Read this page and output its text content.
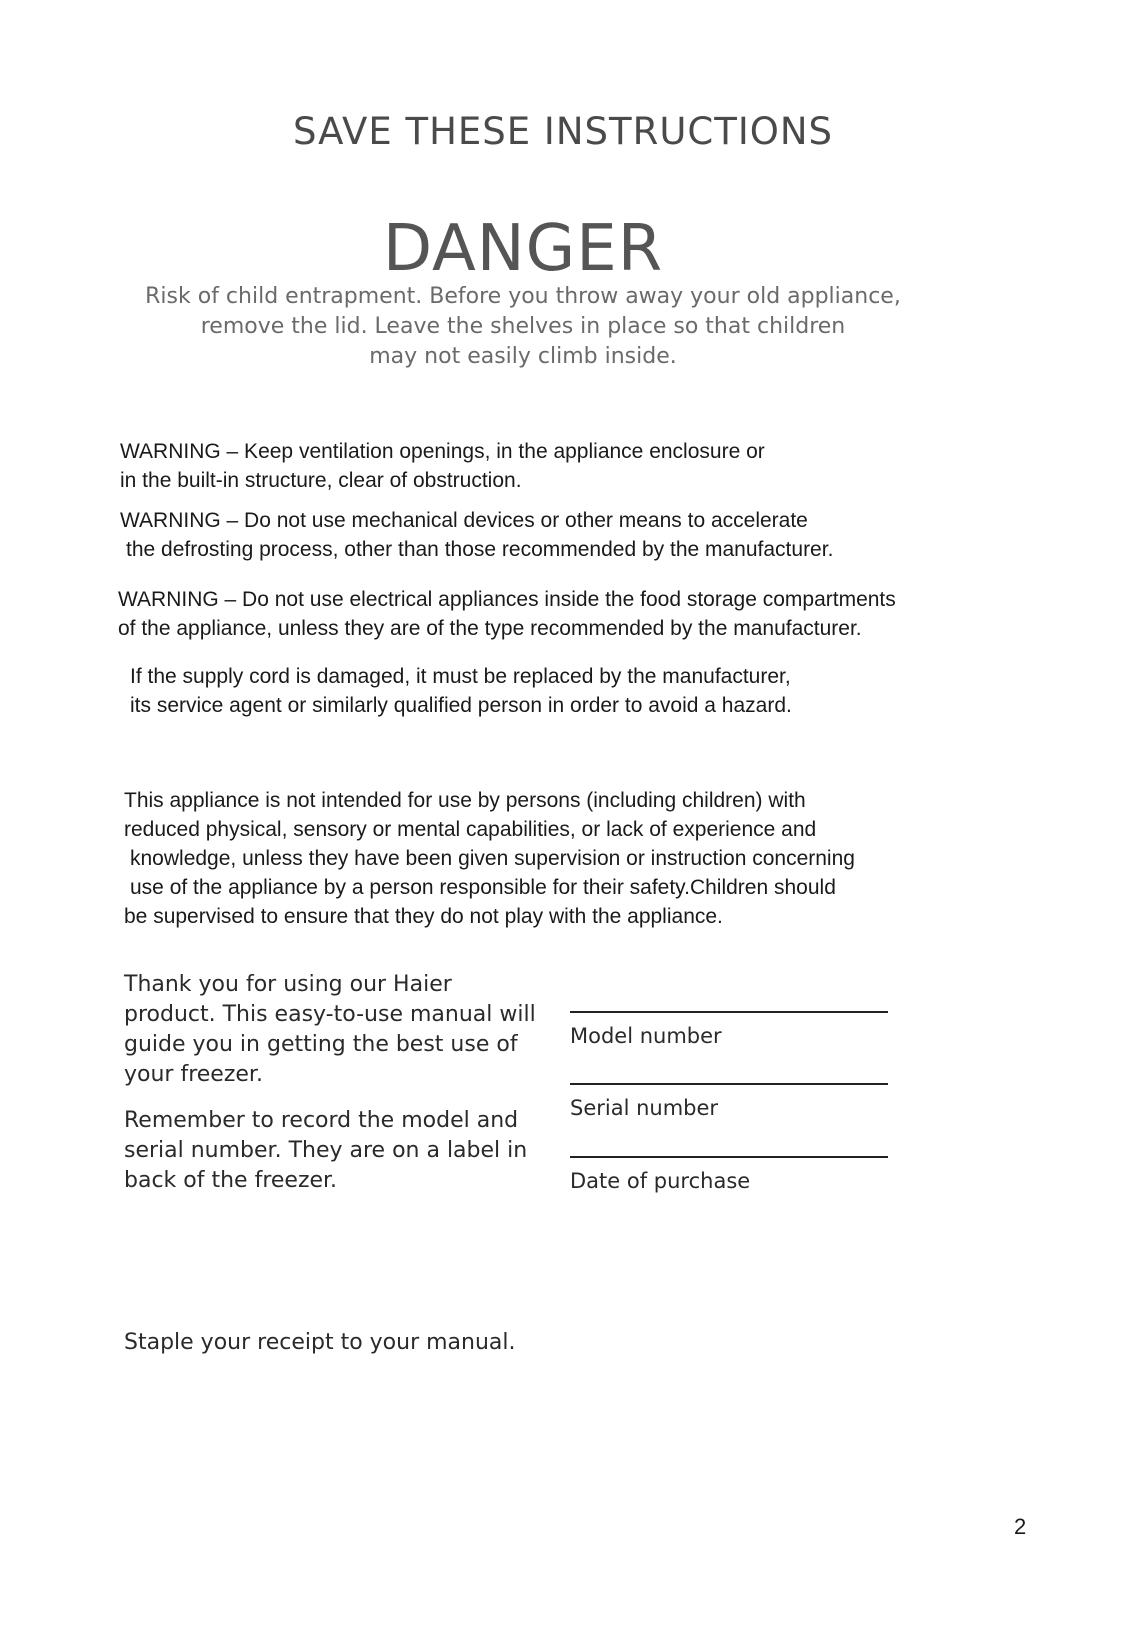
SAVE THESE INSTRUCTIONS
DANGER

Risk of child entrapment. Before you throw away your old appliance,
remove the lid. Leave the shelves in place so that children
may not easily climb inside.

WARNING – Keep ventilation openings, in the appliance enclosure or
in the built-in structure, clear of obstruction.

WARNING – Do not use mechanical devices or other means to accelerate
the defrosting process, other than those recommended by the manufacturer.

WARNING – Do not use electrical appliances inside the food storage compartments
of the appliance, unless they are of the type recommended by the manufacturer.

If the supply cord is damaged, it must be replaced by the manufacturer,
its service agent or similarly qualified person in order to avoid a hazard.

This appliance is not intended for use by persons (including children) with
reduced physical, sensory or mental capabilities, or lack of experience and
knowledge, unless they have been given supervision or instruction concerning
use of the appliance by a person responsible for their safety.Children should
be supervised to ensure that they do not play with the appliance.

Thank you for using our Haier
product. This easy-to-use manual will
guide you in getting the best use of
your freezer.

Remember to record the model and
serial number. They are on a label in
back of the freezer.

Model number
Serial number
Date of purchase

Staple your receipt to your manual.

2
